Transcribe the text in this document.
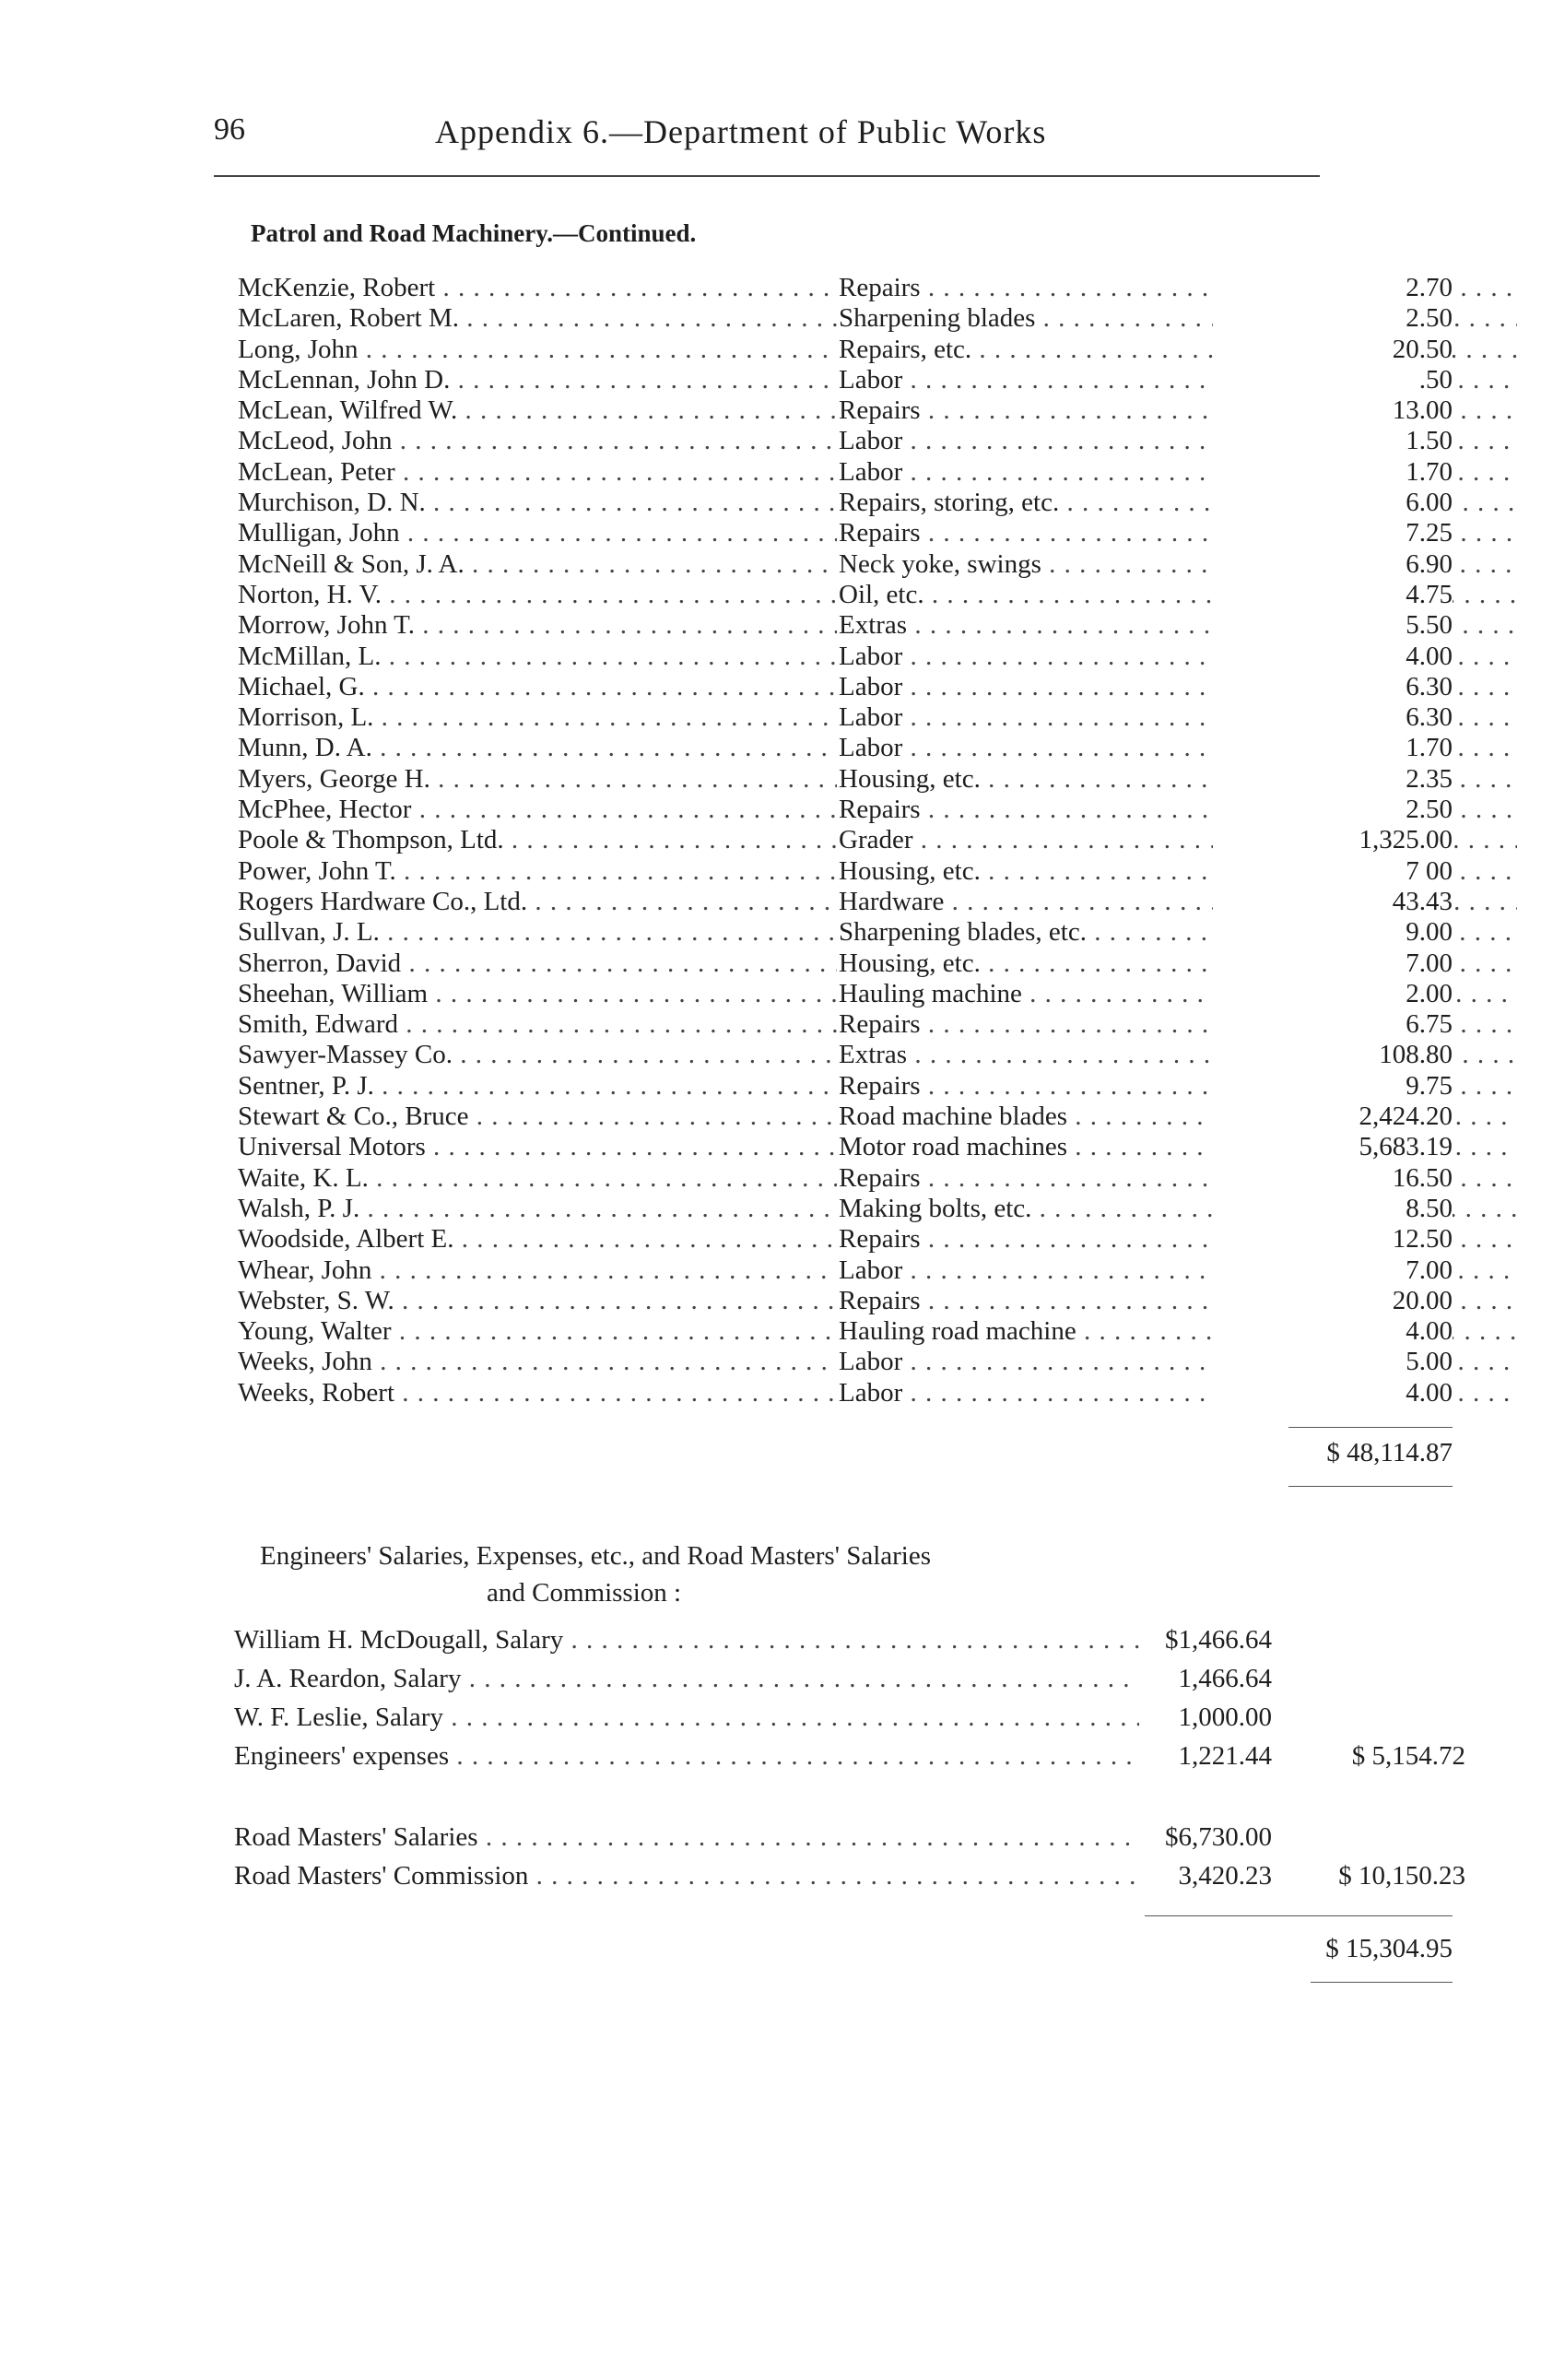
96	Appendix 6.—Department of Public Works
Patrol and Road Machinery.—Continued.
McKenzie, Robert . . .	Repairs . . .	2.70
McLaren, Robert M. . . .	Sharpening blades . . .	2.50
Long, John . . .	Repairs, etc. . . .	20.50
McLennan, John D. . . .	Labor . . .	.50
McLean, Wilfred W. . . .	Repairs . . .	13.00
McLeod, John . . .	Labor . . .	1.50
McLean, Peter . . .	Labor . . .	1.70
Murchison, D. N. . . .	Repairs, storing, etc. . . .	6.00
Mulligan, John . . .	Repairs . . .	7.25
McNeill & Son, J. A. . . .	Neck yoke, swings . . .	6.90
Norton, H. V. . . .	Oil, etc. . . .	4.75
Morrow, John T. . . .	Extras . . .	5.50
McMillan, L. . . .	Labor . . .	4.00
Michael, G. . . .	Labor . . .	6.30
Morrison, L. . . .	Labor . . .	6.30
Munn, D. A. . . .	Labor . . .	1.70
Myers, George H. . . .	Housing, etc. . . .	2.35
McPhee, Hector . . .	Repairs . . .	2.50
Poole & Thompson, Ltd. . . .	Grader . . .	1,325.00
Power, John T. . . .	Housing, etc. . . .	7 00
Rogers Hardware Co., Ltd. . . .	Hardware . . .	43.43
Sullvan, J. L. . . .	Sharpening blades, etc. . . .	9.00
Sherron, David . . .	Housing, etc. . . .	7.00
Sheehan, William . . .	Hauling machine . . .	2.00
Smith, Edward . . .	Repairs . . .	6.75
Sawyer-Massey Co. . . .	Extras . . .	108.80
Sentner, P. J. . . .	Repairs . . .	9.75
Stewart & Co., Bruce . . .	Road machine blades . . .	2,424.20
Universal Motors . . .	Motor road machines . . .	5,683.19
Waite, K. L. . . .	Repairs . . .	16.50
Walsh, P. J. . . .	Making bolts, etc. . . .	8.50
Woodside, Albert E. . . .	Repairs . . .	12.50
Whear, John . . .	Labor . . .	7.00
Webster, S. W. . . .	Repairs . . .	20.00
Young, Walter . . .	Hauling road machine . . .	4.00
Weeks, John . . .	Labor . . .	5.00
Weeks, Robert . . .	Labor . . .	4.00
$ 48,114.87
Engineers' Salaries, Expenses, etc., and Road Masters' Salaries
and Commission :
William H. McDougall, Salary . . .	$1,466.64
J. A. Reardon, Salary . . .	1,466.64
W. F. Leslie, Salary . . .	1,000.00
Engineers' expenses . . .	1,221.44	$ 5,154.72
Road Masters' Salaries . . .	$6,730.00
Road Masters' Commission . . .	3,420.23	$ 10,150.23
$ 15,304.95
